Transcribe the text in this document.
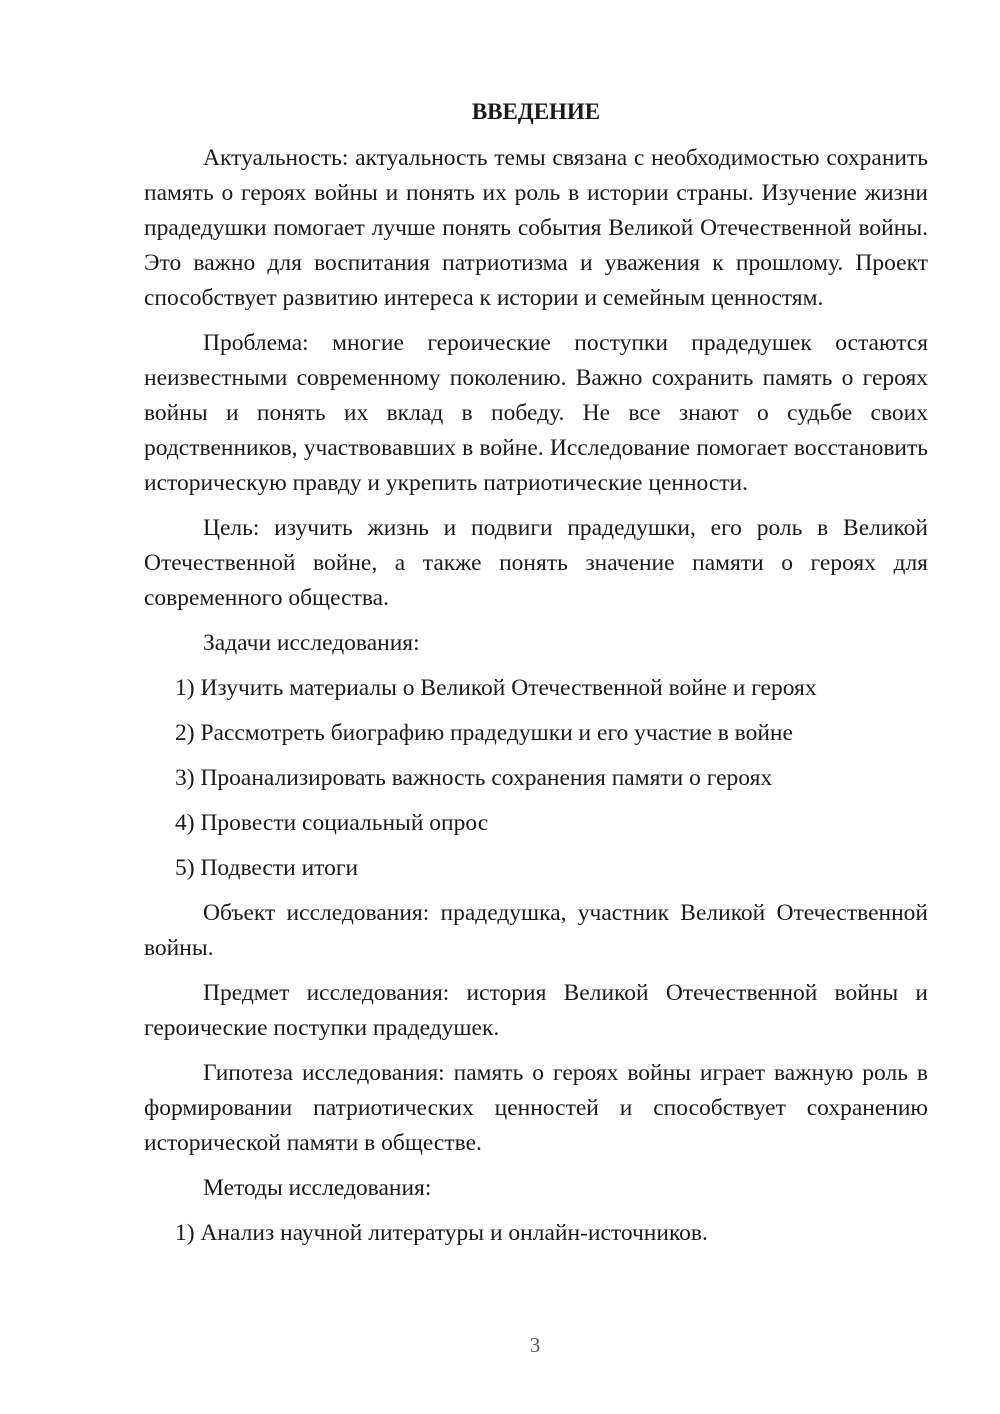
ВВЕДЕНИЕ

Актуальность: актуальность темы связана с необходимостью сохранить память о героях войны и понять их роль в истории страны. Изучение жизни прадедушки помогает лучше понять события Великой Отечественной войны. Это важно для воспитания патриотизма и уважения к прошлому. Проект способствует развитию интереса к истории и семейным ценностям.

Проблема: многие героические поступки прадедушек остаются неизвестными современному поколению. Важно сохранить память о героях войны и понять их вклад в победу. Не все знают о судьбе своих родственников, участвовавших в войне. Исследование помогает восстановить историческую правду и укрепить патриотические ценности.

Цель: изучить жизнь и подвиги прадедушки, его роль в Великой Отечественной войне, а также понять значение памяти о героях для современного общества.

Задачи исследования:

1) Изучить материалы о Великой Отечественной войне и героях

2) Рассмотреть биографию прадедушки и его участие в войне

3) Проанализировать важность сохранения памяти о героях

4) Провести социальный опрос

5) Подвести итоги

Объект исследования: прадедушка, участник Великой Отечественной войны.

Предмет исследования: история Великой Отечественной войны и героические поступки прадедушек.

Гипотеза исследования: память о героях войны играет важную роль в формировании патриотических ценностей и способствует сохранению исторической памяти в обществе.

Методы исследования:

1) Анализ научной литературы и онлайн-источников.

3
